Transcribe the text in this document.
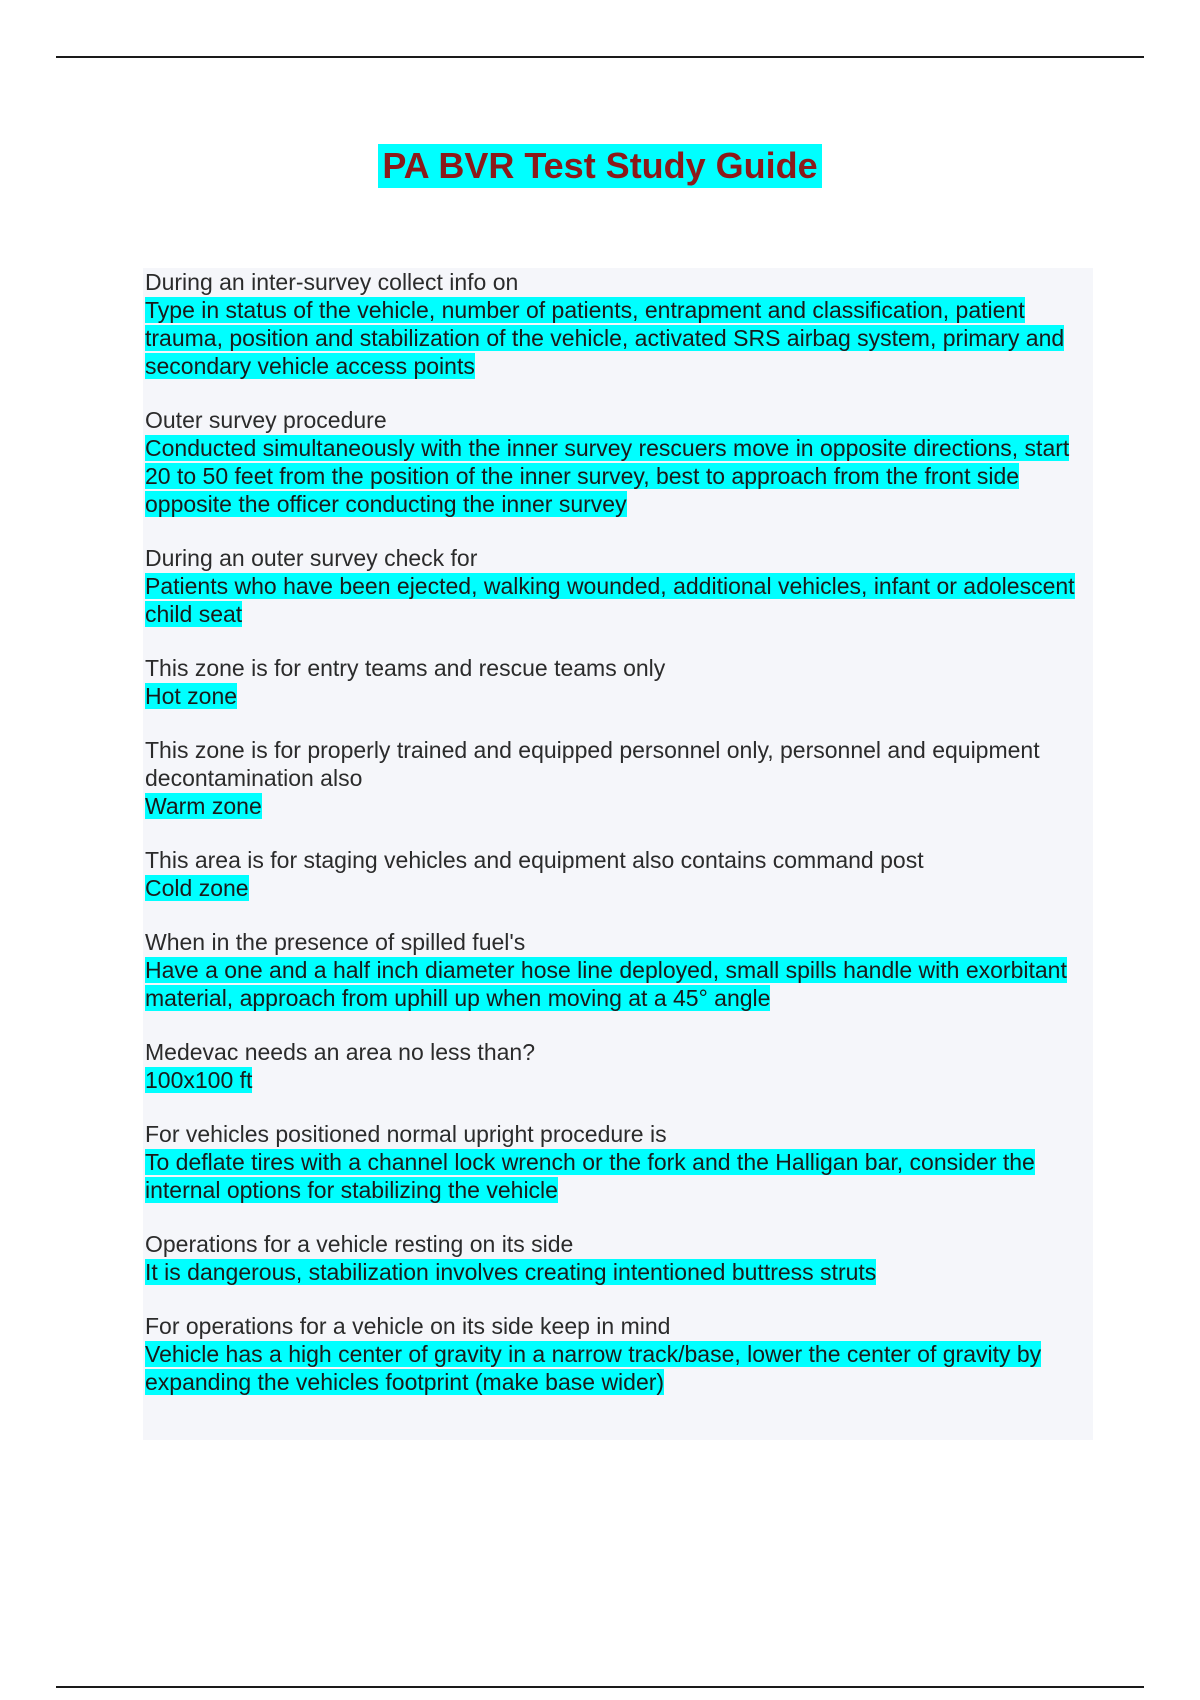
PA BVR Test Study Guide

During an inter-survey collect info on

Type in status of the vehicle, number of patients, entrapment and classification, patient trauma, position and stabilization of the vehicle, activated SRS airbag system, primary and secondary vehicle access points

Outer survey procedure

Conducted simultaneously with the inner survey rescuers move in opposite directions, start 20 to 50 feet from the position of the inner survey, best to approach from the front side opposite the officer conducting the inner survey

During an outer survey check for

Patients who have been ejected, walking wounded, additional vehicles, infant or adolescent child seat

This zone is for entry teams and rescue teams only

Hot zone

This zone is for properly trained and equipped personnel only, personnel and equipment decontamination also

Warm zone

This area is for staging vehicles and equipment also contains command post

Cold zone

When in the presence of spilled fuel's

Have a one and a half inch diameter hose line deployed, small spills handle with exorbitant material, approach from uphill up when moving at a 45° angle

Medevac needs an area no less than?

100x100 ft

For vehicles positioned normal upright procedure is

To deflate tires with a channel lock wrench or the fork and the Halligan bar, consider the internal options for stabilizing the vehicle

Operations for a vehicle resting on its side

It is dangerous, stabilization involves creating intentioned buttress struts

For operations for a vehicle on its side keep in mind

Vehicle has a high center of gravity in a narrow track/base, lower the center of gravity by expanding the vehicles footprint (make base wider)
